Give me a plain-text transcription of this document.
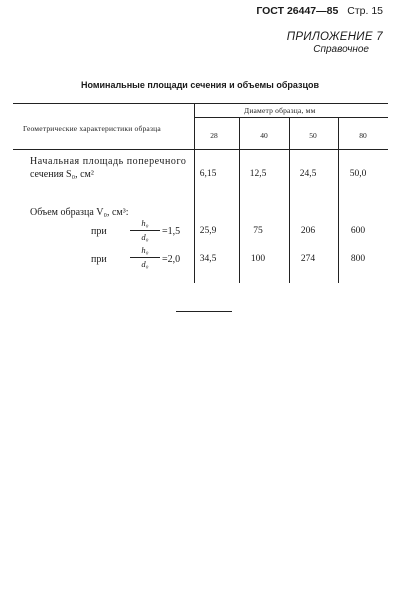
ГОСТ 26447—85 Стр. 15
ПРИЛОЖЕНИЕ 7
Справочное
Номинальные площади сечения и объемы образцов
Геометрические характеристики образца
Диаметр образца, мм
28	40	50	80
Начальная площадь поперечного
сечения S₀, см²	6,15	12,5	24,5	50,0
Объем образца V₀, см³:
при
h₀
d₀	=1,5	25,9	75	206	600
при
h₀
d₀	=2,0	34,5	100	274	800
